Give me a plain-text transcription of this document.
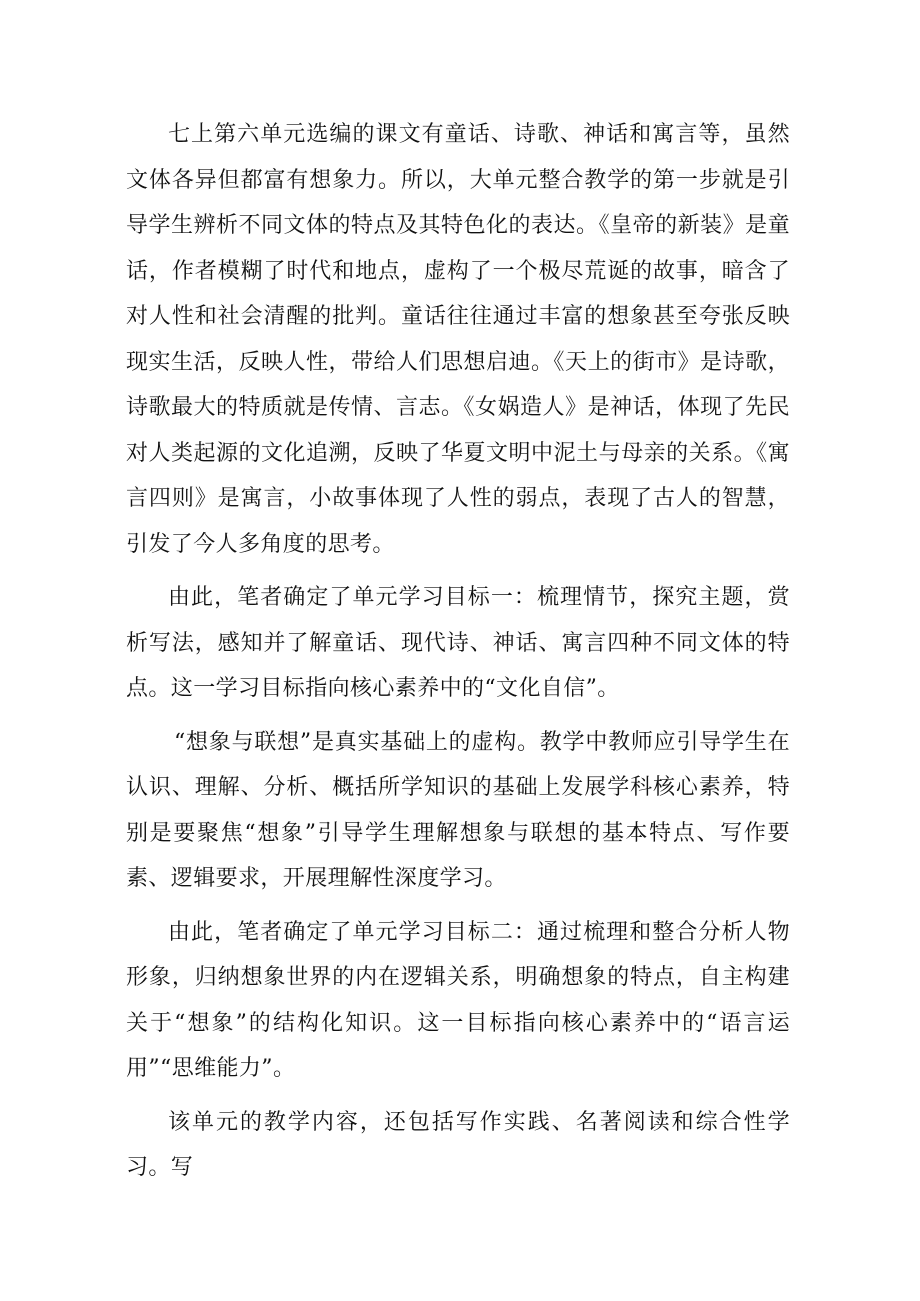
七上第六单元选编的课文有童话、诗歌、神话和寓言等，虽然文体各异但都富有想象力。所以，大单元整合教学的第一步就是引导学生辨析不同文体的特点及其特色化的表达。《皇帝的新装》是童话，作者模糊了时代和地点，虚构了一个极尽荒诞的故事，暗含了对人性和社会清醒的批判。童话往往通过丰富的想象甚至夸张反映现实生活，反映人性，带给人们思想启迪。《天上的街市》是诗歌，诗歌最大的特质就是传情、言志。《女娲造人》是神话，体现了先民对人类起源的文化追溯，反映了华夏文明中泥土与母亲的关系。《寓言四则》是寓言，小故事体现了人性的弱点，表现了古人的智慧，引发了今人多角度的思考。

由此，笔者确定了单元学习目标一：梳理情节，探究主题，赏析写法，感知并了解童话、现代诗、神话、寓言四种不同文体的特点。这一学习目标指向核心素养中的“文化自信”。

“想象与联想”是真实基础上的虚构。教学中教师应引导学生在认识、理解、分析、概括所学知识的基础上发展学科核心素养，特别是要聚焦“想象”引导学生理解想象与联想的基本特点、写作要素、逻辑要求，开展理解性深度学习。

由此，笔者确定了单元学习目标二：通过梳理和整合分析人物形象，归纳想象世界的内在逻辑关系，明确想象的特点，自主构建关于“想象”的结构化知识。这一目标指向核心素养中的“语言运用”“思维能力”。

该单元的教学内容，还包括写作实践、名著阅读和综合性学习。写
